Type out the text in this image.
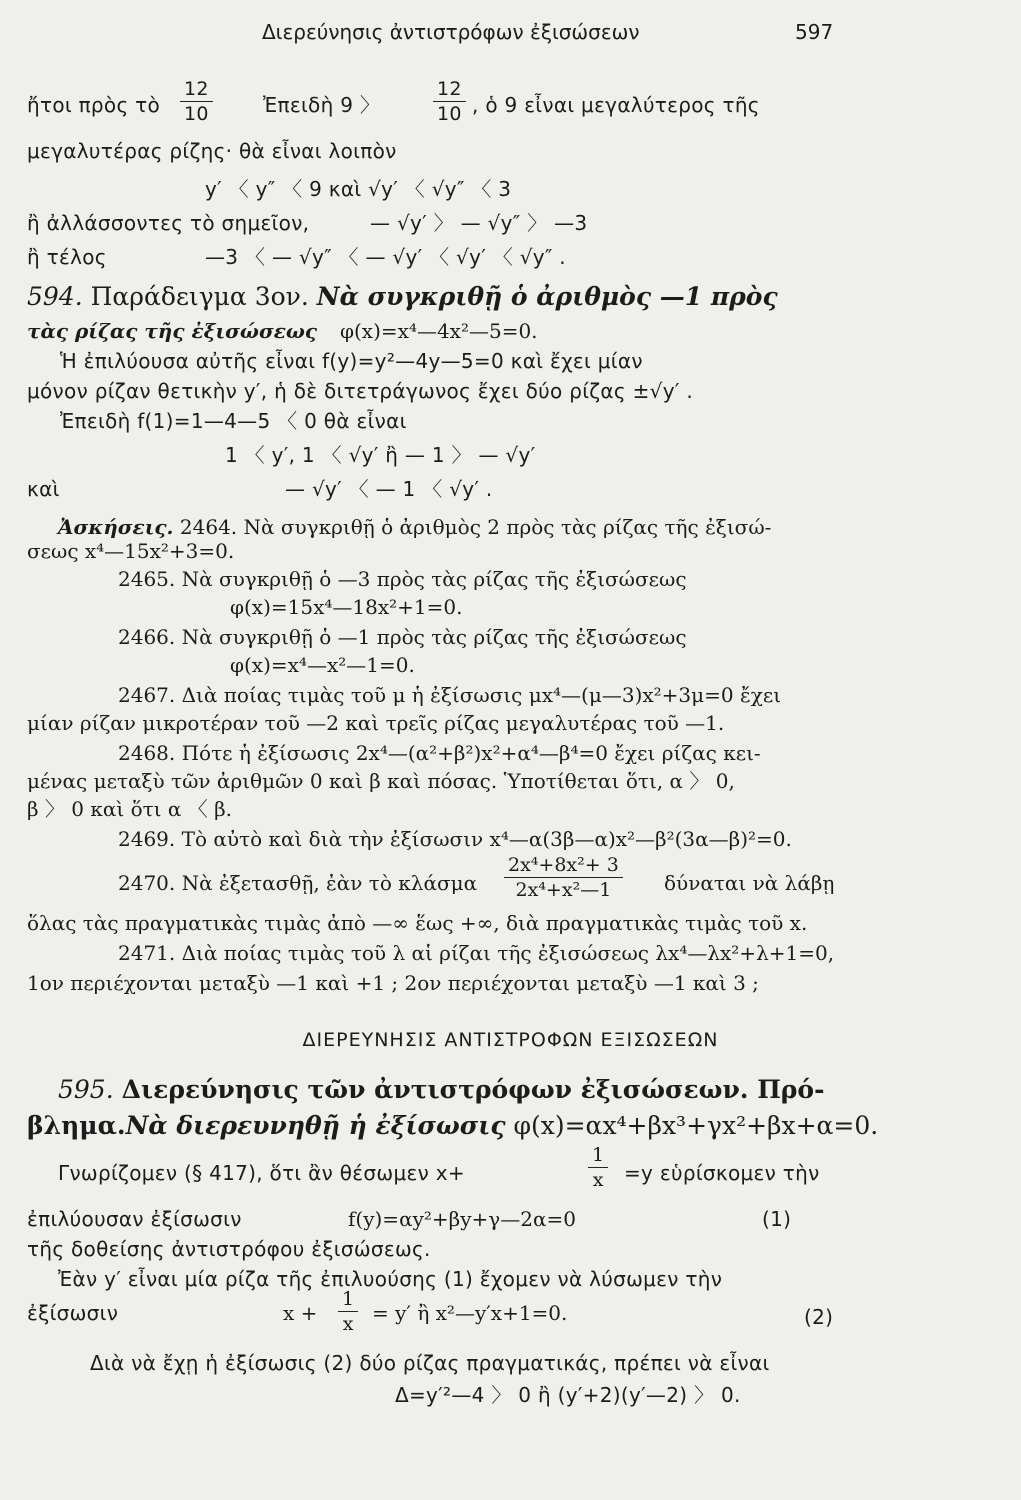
Διερεύνησις ἀντιστρόφων ἐξισώσεων	597
ἤτοι πρὸς τὸ $\frac{12}{10}$	Ἐπειδὴ 9 〉	$\frac{12}{10}$ , ὁ 9 εἶναι μεγαλύτερος τῆς
μεγαλυτέρας ρίζης· θὰ εἶναι λοιπὸν
y′ 〈 y″ 〈 9 καὶ √y′ 〈 √y″ 〈 3
ἢ ἀλλάσσοντες τὸ σημεῖον,	— √y′ 〉 — √y″ 〉 —3
ἢ τέλος	—3 〈 — √y″ 〈 — √y′ 〈 √y′ 〈 √y″ .
594. Παράδειγμα 3ον. Νὰ συγκριθῇ ὁ ἀριθμὸς —1 πρὸς
τὰς ρίζας τῆς ἐξισώσεως φ(x)=x⁴—4x²—5=0.
Ἡ ἐπιλύουσα αὐτῆς εἶναι f(y)=y²—4y—5=0 καὶ ἔχει μίαν
μόνον ρίζαν θετικὴν y′, ἡ δὲ διτετράγωνος ἔχει δύο ρίζας ±√y′ .
Ἐπειδὴ f(1)=1—4—5 〈 0 θὰ εἶναι
1 〈 y′, 1 〈 √y′ ἢ — 1 〉 — √y′
καὶ	— √y′ 〈 — 1 〈 √y′ .
Ἀσκήσεις. 2464. Νὰ συγκριθῇ ὁ ἀριθμὸς 2 πρὸς τὰς ρίζας τῆς ἐξισώ-
σεως x⁴—15x²+3=0.
2465. Νὰ συγκριθῇ ὁ —3 πρὸς τὰς ρίζας τῆς ἐξισώσεως
φ(x)=15x⁴—18x²+1=0.
2466. Νὰ συγκριθῇ ὁ —1 πρὸς τὰς ρίζας τῆς ἐξισώσεως
φ(x)=x⁴—x²—1=0.
2467. Διὰ ποίας τιμὰς τοῦ μ ἡ ἐξίσωσις μx⁴—(μ—3)x²+3μ=0 ἔχει
μίαν ρίζαν μικροτέραν τοῦ —2 καὶ τρεῖς ρίζας μεγαλυτέρας τοῦ —1.
2468. Πότε ἡ ἐξίσωσις 2x⁴—(α²+β²)x²+α⁴—β⁴=0 ἔχει ρίζας κει-
μένας μεταξὺ τῶν ἀριθμῶν 0 καὶ β καὶ πόσας. Ὑποτίθεται ὅτι, α 〉 0,
β 〉 0 καὶ ὅτι α 〈 β.
2469. Τὸ αὐτὸ καὶ διὰ τὴν ἐξίσωσιν x⁴—α(3β—α)x²—β²(3α—β)²=0.
2470. Νὰ ἐξετασθῇ, ἐὰν τὸ κλάσμα $\frac{\text{2x⁴+8x²+ 3}}{\text{2x⁴+x²—1}}$ δύναται νὰ λάβῃ
ὅλας τὰς πραγματικὰς τιμὰς ἀπὸ —∞ ἕως +∞, διὰ πραγματικὰς τιμὰς τοῦ x.
2471. Διὰ ποίας τιμὰς τοῦ λ αἱ ρίζαι τῆς ἐξισώσεως λx⁴—λx²+λ+1=0,
1ον περιέχονται μεταξὺ —1 καὶ +1 ; 2ον περιέχονται μεταξὺ —1 καὶ 3 ;
ΔΙΕΡΕΥΝΗΣΙΣ ΑΝΤΙΣΤΡΟΦΩΝ ΕΞΙΣΩΣΕΩΝ
595. Διερεύνησις τῶν ἀντιστρόφων ἐξισώσεων. Πρό-
βλημα.Νὰ διερευνηθῇ ἡ ἐξίσωσις φ(x)=αx⁴+βx³+γx²+βx+α=0.
Γνωρίζομεν (§ 417), ὅτι ἂν θέσωμεν x+	$\frac{1}{x} =y$ εὑρίσκομεν τὴν
ἐπιλύουσαν ἐξίσωσιν	f(y)=αy²+βy+γ—2α=0	(1)
τῆς δοθείσης ἀντιστρόφου ἐξισώσεως.
Ἐὰν y′ εἶναι μία ρίζα τῆς ἐπιλυούσης (1) ἔχομεν νὰ λύσωμεν τὴν
ἐξίσωσιν	$x + \frac{1}{x} = y'$ ἢ x²—y′x+1=0.	(2)
Διὰ νὰ ἔχῃ ἡ ἐξίσωσις (2) δύο ρίζας πραγματικάς, πρέπει νὰ εἶναι
Δ=y′²—4 〉 0 ἢ (y′+2)(y′—2) 〉 0.
